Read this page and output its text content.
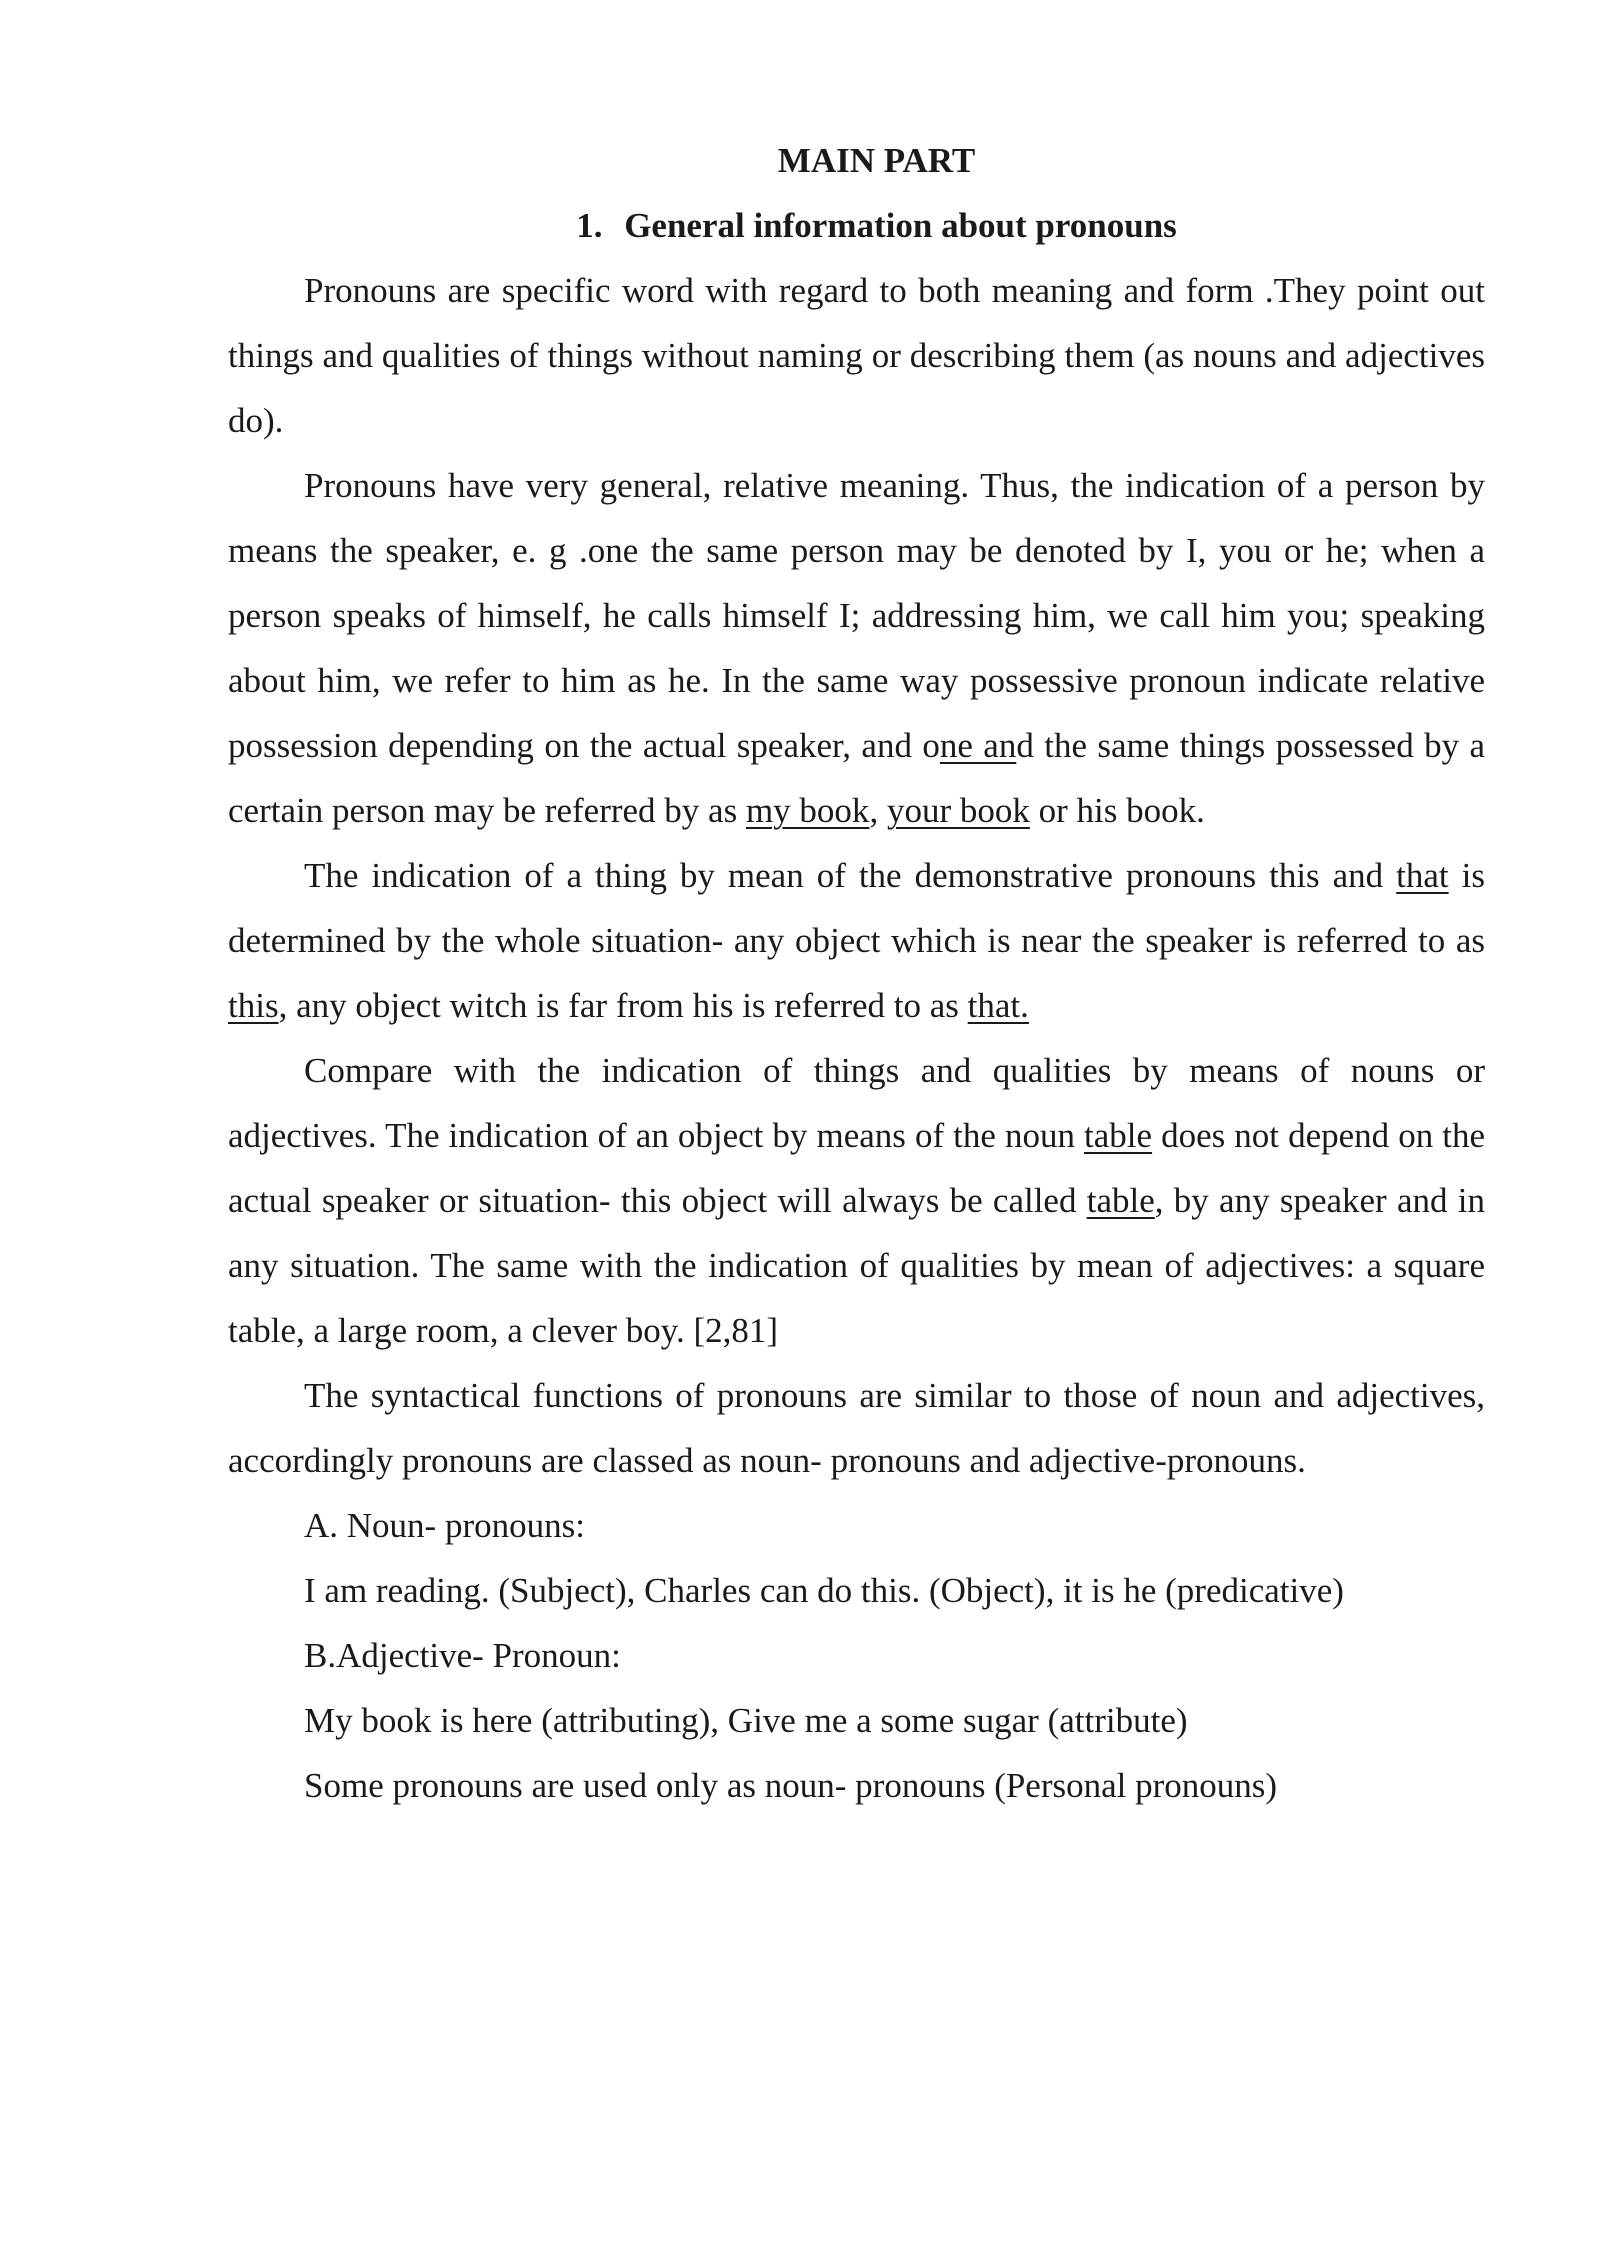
MAIN PART

1. General information about pronouns

Pronouns are specific word with regard to both meaning and form .They point out things and qualities of things without naming or describing them (as nouns and adjectives do).

Pronouns have very general, relative meaning. Thus, the indication of a person by means the speaker, e. g .one the same person may be denoted by I, you or he; when a person speaks of himself, he calls himself I; addressing him, we call him you; speaking about him, we refer to him as he. In the same way possessive pronoun indicate relative possession depending on the actual speaker, and one and the same things possessed by a certain person may be referred by as my book, your book or his book.

The indication of a thing by mean of the demonstrative pronouns this and that is determined by the whole situation- any object which is near the speaker is referred to as this, any object witch is far from his is referred to as that.

Compare with the indication of things and qualities by means of nouns or adjectives. The indication of an object by means of the noun table does not depend on the actual speaker or situation- this object will always be called table, by any speaker and in any situation. The same with the indication of qualities by mean of adjectives: a square table, a large room, a clever boy. [2,81]

The syntactical functions of pronouns are similar to those of noun and adjectives, accordingly pronouns are classed as noun- pronouns and adjective-pronouns.

A. Noun- pronouns:

I am reading. (Subject), Charles can do this. (Object), it is he (predicative)

B.Adjective- Pronoun:

My book is here (attributing), Give me a some sugar (attribute)

Some pronouns are used only as noun- pronouns (Personal pronouns)
